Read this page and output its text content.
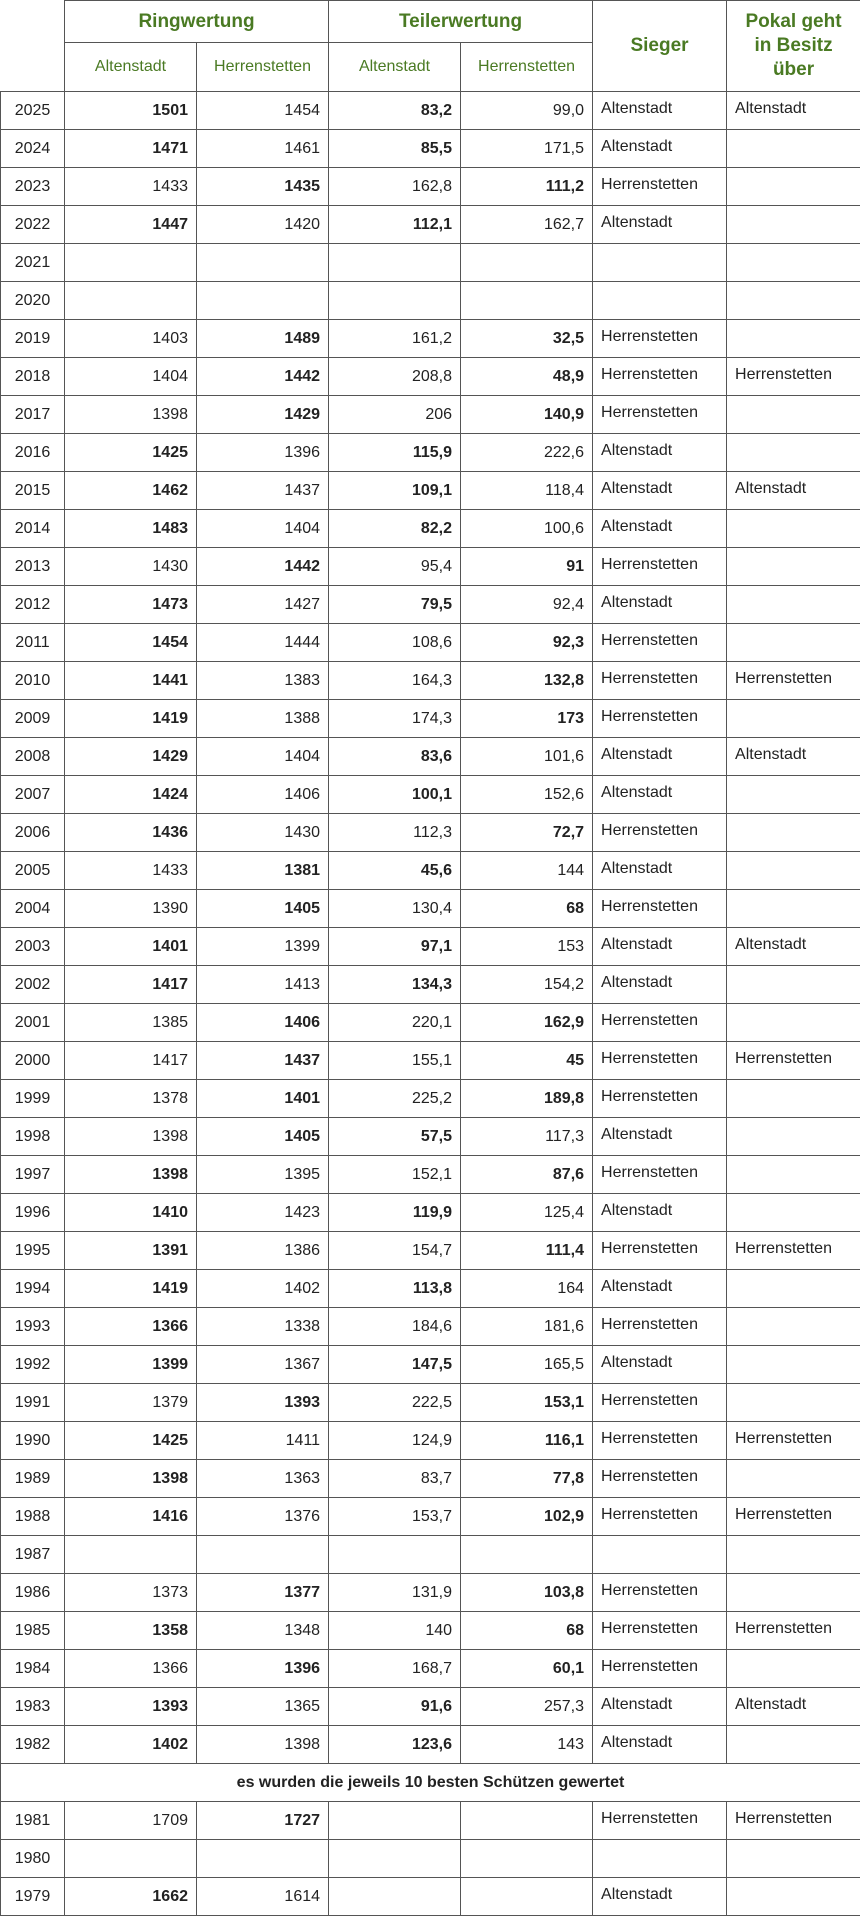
	Ringwertung		Teilerwertung		Sieger	Pokal geht in Besitz über
	Altenstadt	Herrenstetten	Altenstadt	Herrenstetten		
2025	1501	1454	83,2	99,0	Altenstadt	Altenstadt
2024	1471	1461	85,5	171,5	Altenstadt	
2023	1433	1435	162,8	111,2	Herrenstetten	
2022	1447	1420	112,1	162,7	Altenstadt	
2021						
2020						
2019	1403	1489	161,2	32,5	Herrenstetten	
2018	1404	1442	208,8	48,9	Herrenstetten	Herrenstetten
2017	1398	1429	206	140,9	Herrenstetten	
2016	1425	1396	115,9	222,6	Altenstadt	
2015	1462	1437	109,1	118,4	Altenstadt	Altenstadt
2014	1483	1404	82,2	100,6	Altenstadt	
2013	1430	1442	95,4	91	Herrenstetten	
2012	1473	1427	79,5	92,4	Altenstadt	
2011	1454	1444	108,6	92,3	Herrenstetten	
2010	1441	1383	164,3	132,8	Herrenstetten	Herrenstetten
2009	1419	1388	174,3	173	Herrenstetten	
2008	1429	1404	83,6	101,6	Altenstadt	Altenstadt
2007	1424	1406	100,1	152,6	Altenstadt	
2006	1436	1430	112,3	72,7	Herrenstetten	
2005	1433	1381	45,6	144	Altenstadt	
2004	1390	1405	130,4	68	Herrenstetten	
2003	1401	1399	97,1	153	Altenstadt	Altenstadt
2002	1417	1413	134,3	154,2	Altenstadt	
2001	1385	1406	220,1	162,9	Herrenstetten	
2000	1417	1437	155,1	45	Herrenstetten	Herrenstetten
1999	1378	1401	225,2	189,8	Herrenstetten	
1998	1398	1405	57,5	117,3	Altenstadt	
1997	1398	1395	152,1	87,6	Herrenstetten	
1996	1410	1423	119,9	125,4	Altenstadt	
1995	1391	1386	154,7	111,4	Herrenstetten	Herrenstetten
1994	1419	1402	113,8	164	Altenstadt	
1993	1366	1338	184,6	181,6	Herrenstetten	
1992	1399	1367	147,5	165,5	Altenstadt	
1991	1379	1393	222,5	153,1	Herrenstetten	
1990	1425	1411	124,9	116,1	Herrenstetten	Herrenstetten
1989	1398	1363	83,7	77,8	Herrenstetten	
1988	1416	1376	153,7	102,9	Herrenstetten	Herrenstetten
1987						
1986	1373	1377	131,9	103,8	Herrenstetten	
1985	1358	1348	140	68	Herrenstetten	Herrenstetten
1984	1366	1396	168,7	60,1	Herrenstetten	
1983	1393	1365	91,6	257,3	Altenstadt	Altenstadt
1982	1402	1398	123,6	143	Altenstadt	
es wurden die jeweils 10 besten Schützen gewertet						
1981	1709	1727			Herrenstetten	Herrenstetten
1980						
1979	1662	1614			Altenstadt	
